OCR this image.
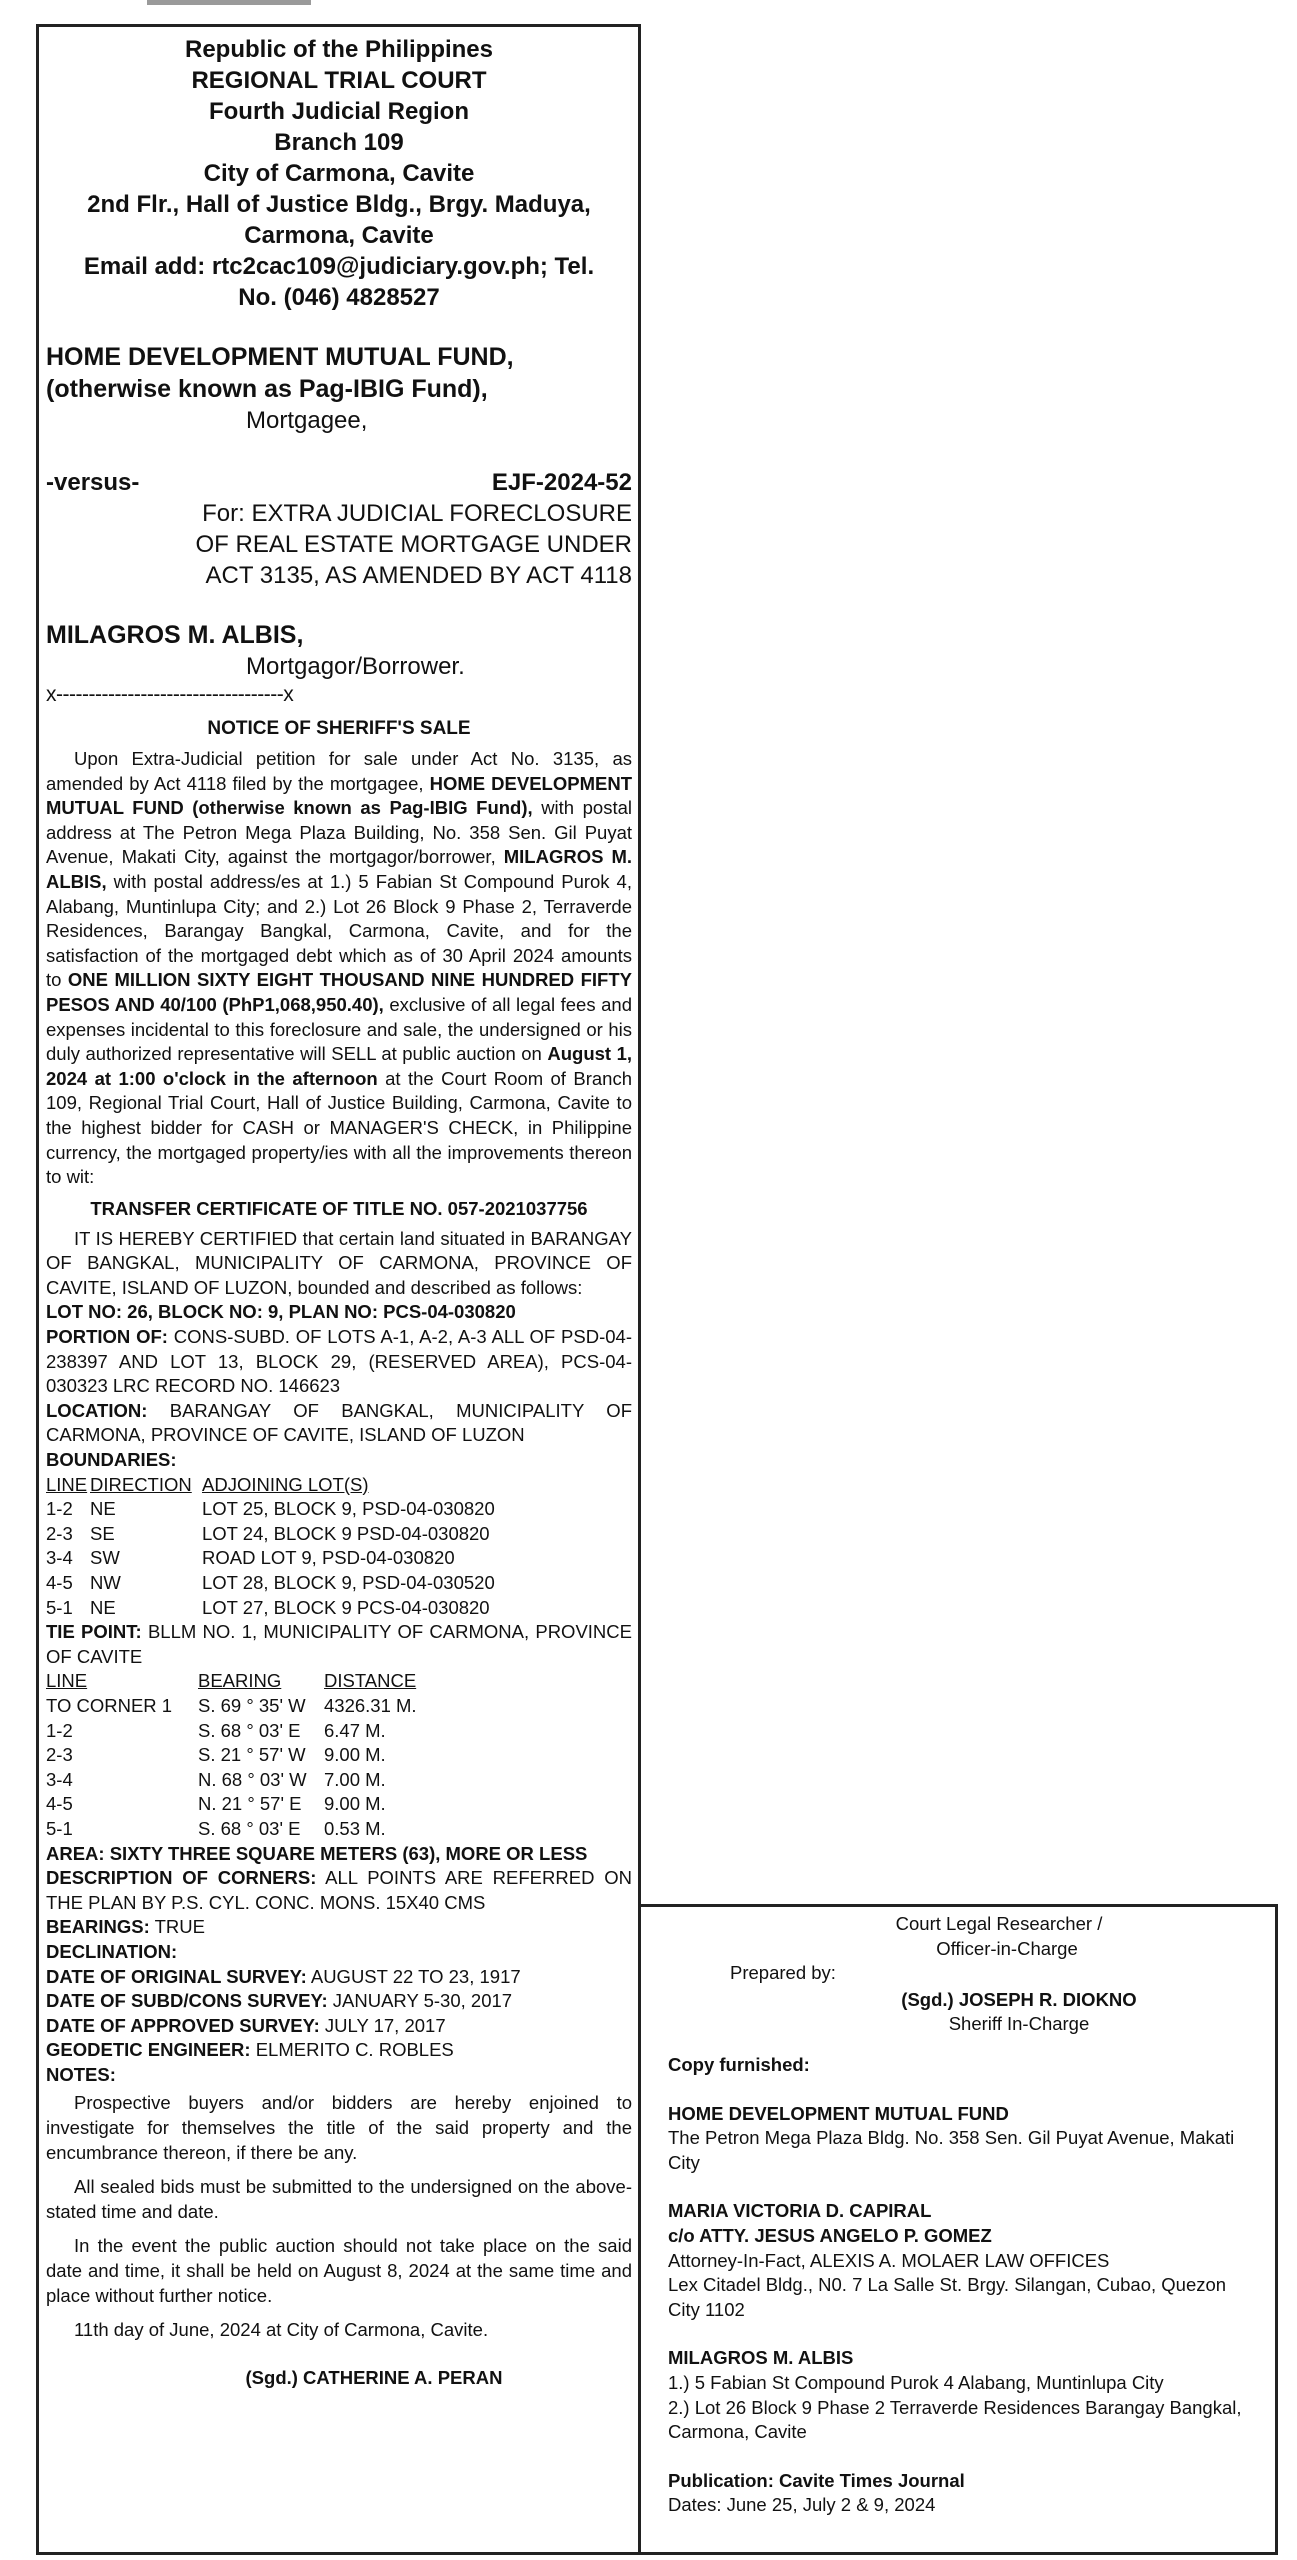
Republic of the Philippines

REGIONAL TRIAL COURT

Fourth Judicial Region

Branch 109

City of Carmona, Cavite

2nd Flr., Hall of Justice Bldg., Brgy. Maduya,

Carmona, Cavite

Email add: rtc2cac109@judiciary.gov.ph; Tel.

No. (046) 4828527

HOME DEVELOPMENT MUTUAL FUND,

(otherwise known as Pag-IBIG Fund),

Mortgagee,

-versus-	EJF-2024-52
For: EXTRA JUDICIAL FORECLOSURE
OF REAL ESTATE MORTGAGE UNDER
ACT 3135, AS AMENDED BY ACT 4118

MILAGROS M. ALBIS,

Mortgagor/Borrower.

x-----------------------------------x

NOTICE OF SHERIFF'S SALE

Upon Extra-Judicial petition for sale under Act No. 3135, as amended by Act 4118 filed by the mortgagee, HOME DEVELOPMENT MUTUAL FUND (otherwise known as Pag-IBIG Fund), with postal address at The Petron Mega Plaza Building, No. 358 Sen. Gil Puyat Avenue, Makati City, against the mortgagor/borrower, MILAGROS M. ALBIS, with postal address/es at 1.) 5 Fabian St Compound Purok 4, Alabang, Muntinlupa City; and 2.) Lot 26 Block 9 Phase 2, Terraverde Residences, Barangay Bangkal, Carmona, Cavite, and for the satisfaction of the mortgaged debt which as of 30 April 2024 amounts to ONE MILLION SIXTY EIGHT THOUSAND NINE HUNDRED FIFTY PESOS AND 40/100 (PhP1,068,950.40), exclusive of all legal fees and expenses incidental to this foreclosure and sale, the undersigned or his duly authorized representative will SELL at public auction on August 1, 2024 at 1:00 o'clock in the afternoon at the Court Room of Branch 109, Regional Trial Court, Hall of Justice Building, Carmona, Cavite to the highest bidder for CASH or MANAGER'S CHECK, in Philippine currency, the mortgaged property/ies with all the improvements thereon to wit:

TRANSFER CERTIFICATE OF TITLE NO. 057-2021037756

IT IS HEREBY CERTIFIED that certain land situated in BARANGAY OF BANGKAL, MUNICIPALITY OF CARMONA, PROVINCE OF CAVITE, ISLAND OF LUZON, bounded and described as follows:

LOT NO: 26, BLOCK NO: 9, PLAN NO: PCS-04-030820

PORTION OF: CONS-SUBD. OF LOTS A-1, A-2, A-3 ALL OF PSD-04-238397 AND LOT 13, BLOCK 29, (RESERVED AREA), PCS-04-030323 LRC RECORD NO. 146623

LOCATION: BARANGAY OF BANGKAL, MUNICIPALITY OF CARMONA, PROVINCE OF CAVITE, ISLAND OF LUZON

BOUNDARIES:

LINE	DIRECTION	ADJOINING LOT(S)
1-2	NE	LOT 25, BLOCK 9, PSD-04-030820
2-3	SE	LOT 24, BLOCK 9 PSD-04-030820
3-4	SW	ROAD LOT 9, PSD-04-030820
4-5	NW	LOT 28, BLOCK 9, PSD-04-030520
5-1	NE	LOT 27, BLOCK 9 PCS-04-030820

TIE POINT: BLLM NO. 1, MUNICIPALITY OF CARMONA, PROVINCE OF CAVITE

LINE	BEARING	DISTANCE
TO CORNER 1	S. 69 ° 35' W	4326.31 M.
1-2	S. 68 ° 03' E	6.47 M.
2-3	S. 21 ° 57' W	9.00 M.
3-4	N. 68 ° 03' W	7.00 M.
4-5	N. 21 ° 57' E	9.00 M.
5-1	S. 68 ° 03' E	0.53 M.

AREA: SIXTY THREE SQUARE METERS (63), MORE OR LESS

DESCRIPTION OF CORNERS: ALL POINTS ARE REFERRED ON THE PLAN BY P.S. CYL. CONC. MONS. 15X40 CMS

BEARINGS: TRUE

DECLINATION:

DATE OF ORIGINAL SURVEY: AUGUST 22 TO 23, 1917

DATE OF SUBD/CONS SURVEY: JANUARY 5-30, 2017

DATE OF APPROVED SURVEY: JULY 17, 2017

GEODETIC ENGINEER: ELMERITO C. ROBLES

NOTES:

Prospective buyers and/or bidders are hereby enjoined to investigate for themselves the title of the said property and the encumbrance thereon, if there be any.

All sealed bids must be submitted to the undersigned on the above-stated time and date.

In the event the public auction should not take place on the said date and time, it shall be held on August 8, 2024 at the same time and place without further notice.

11th day of June, 2024 at City of Carmona, Cavite.

(Sgd.) CATHERINE A. PERAN

Court Legal Researcher /

Officer-in-Charge

Prepared by:

(Sgd.) JOSEPH R. DIOKNO

Sheriff In-Charge

Copy furnished:

HOME DEVELOPMENT MUTUAL FUND

The Petron Mega Plaza Bldg. No. 358 Sen. Gil Puyat Avenue, Makati City

MARIA VICTORIA D. CAPIRAL

c/o ATTY. JESUS ANGELO P. GOMEZ

Attorney-In-Fact, ALEXIS A. MOLAER LAW OFFICES

Lex Citadel Bldg., N0. 7 La Salle St. Brgy. Silangan, Cubao, Quezon City 1102

MILAGROS M. ALBIS

1.) 5 Fabian St Compound Purok 4 Alabang, Muntinlupa City

2.) Lot 26 Block 9 Phase 2 Terraverde Residences Barangay Bangkal, Carmona, Cavite

Publication: Cavite Times Journal

Dates: June 25, July 2 & 9, 2024
